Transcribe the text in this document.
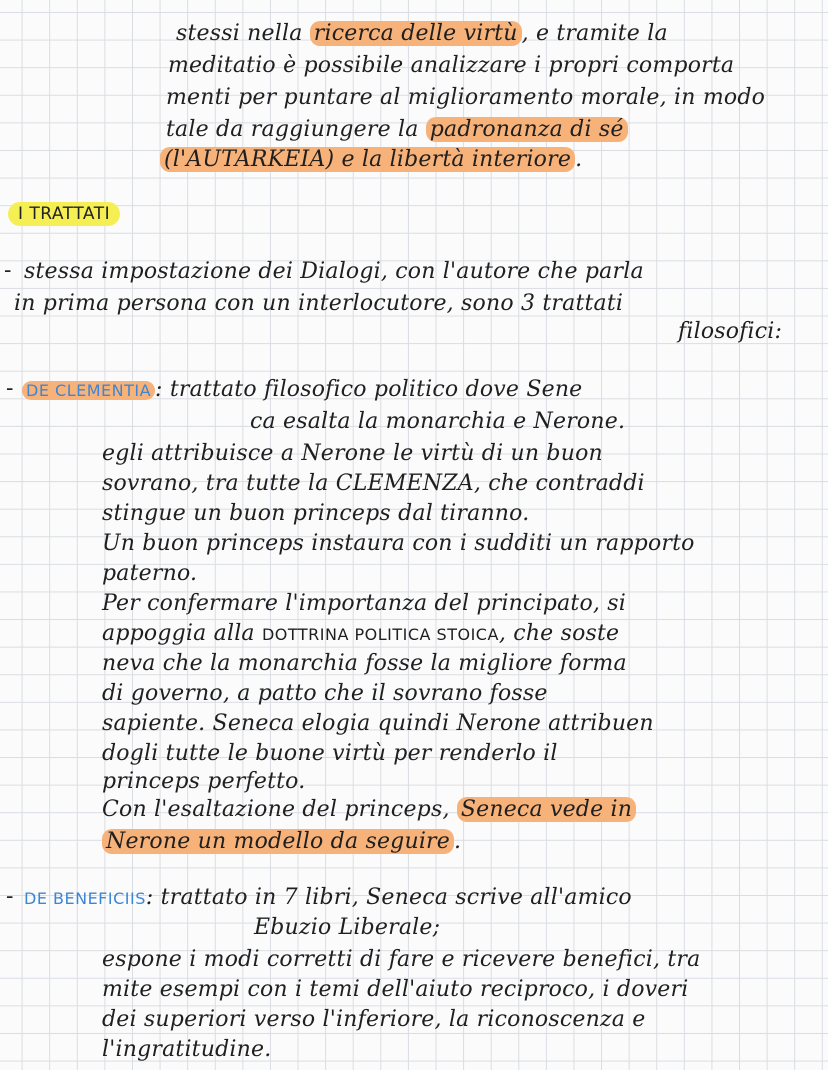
stessi nella ricerca delle virtù , e tramite la
meditatio è possibile analizzare i propri comporta
menti per puntare al miglioramento morale, in modo
tale da raggiungere la padronanza di sé
(l'AUTARKEIA) e la libertà interiore .
I TRATTATI
- stessa impostazione dei Dialogi, con l'autore che parla
in prima persona con un interlocutore, sono 3 trattati
filosofici:
- DE CLEMENTIA : trattato filosofico politico dove Sene
ca esalta la monarchia e Nerone.
egli attribuisce a Nerone le virtù di un buon
sovrano, tra tutte la CLEMENZA, che contraddi
stingue un buon princeps dal tiranno.
Un buon princeps instaura con i sudditi un rapporto
paterno.
Per confermare l'importanza del principato, si
appoggia alla DOTTRINA POLITICA STOICA, che soste
neva che la monarchia fosse la migliore forma
di governo, a patto che il sovrano fosse
sapiente. Seneca elogia quindi Nerone attribuen
dogli tutte le buone virtù per renderlo il
princeps perfetto.
Con l'esaltazione del princeps, Seneca vede in
Nerone un modello da seguire .
- DE BENEFICIIS: trattato in 7 libri, Seneca scrive all'amico
Ebuzio Liberale;
espone i modi corretti di fare e ricevere benefici, tra
mite esempi con i temi dell'aiuto reciproco, i doveri
dei superiori verso l'inferiore, la riconoscenza e
l'ingratitudine.
